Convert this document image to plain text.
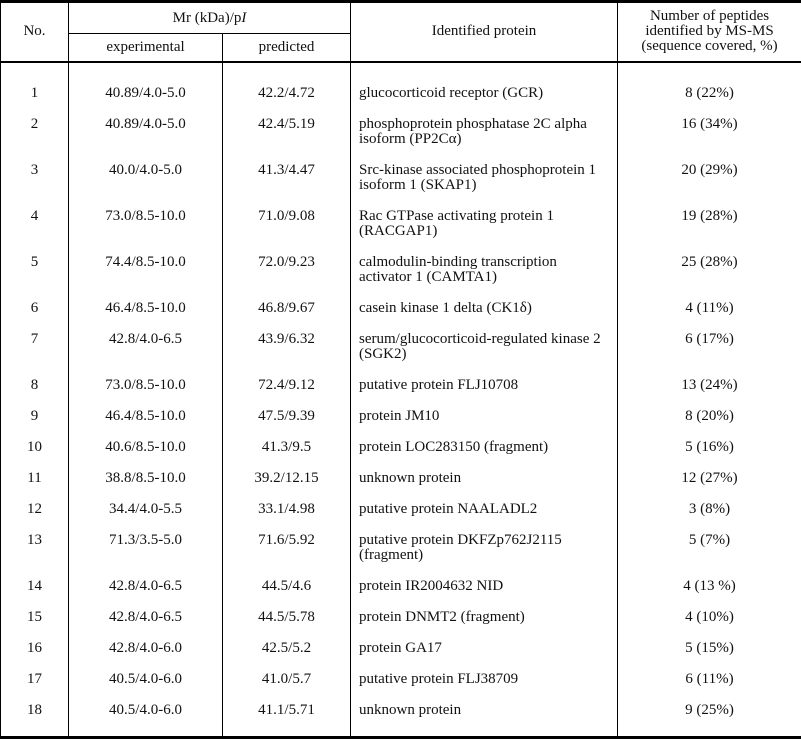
No.	Mr (kDa)/pI		Identified protein	Number of peptides identified by MS-MS (sequence covered, %)
	experimental	predicted		
1	40.89/4.0-5.0	42.2/4.72	glucocorticoid receptor (GCR)	8 (22%)
2	40.89/4.0-5.0	42.4/5.19	phosphoprotein phosphatase 2C alpha isoform (PP2Cα)	16 (34%)
3	40.0/4.0-5.0	41.3/4.47	Src-kinase associated phosphoprotein 1 isoform 1 (SKAP1)	20 (29%)
4	73.0/8.5-10.0	71.0/9.08	Rac GTPase activating protein 1 (RACGAP1)	19 (28%)
5	74.4/8.5-10.0	72.0/9.23	calmodulin-binding transcription activator 1 (CAMTA1)	25 (28%)
6	46.4/8.5-10.0	46.8/9.67	casein kinase 1 delta (CK1δ)	4 (11%)
7	42.8/4.0-6.5	43.9/6.32	serum/glucocorticoid-regulated kinase 2 (SGK2)	6 (17%)
8	73.0/8.5-10.0	72.4/9.12	putative protein FLJ10708	13 (24%)
9	46.4/8.5-10.0	47.5/9.39	protein JM10	8 (20%)
10	40.6/8.5-10.0	41.3/9.5	protein LOC283150 (fragment)	5 (16%)
11	38.8/8.5-10.0	39.2/12.15	unknown protein	12 (27%)
12	34.4/4.0-5.5	33.1/4.98	putative protein NAALADL2	3 (8%)
13	71.3/3.5-5.0	71.6/5.92	putative protein DKFZp762J2115 (fragment)	5 (7%)
14	42.8/4.0-6.5	44.5/4.6	protein IR2004632 NID	4 (13 %)
15	42.8/4.0-6.5	44.5/5.78	protein DNMT2 (fragment)	4 (10%)
16	42.8/4.0-6.0	42.5/5.2	protein GA17	5 (15%)
17	40.5/4.0-6.0	41.0/5.7	putative protein FLJ38709	6 (11%)
18	40.5/4.0-6.0	41.1/5.71	unknown protein	9 (25%)
